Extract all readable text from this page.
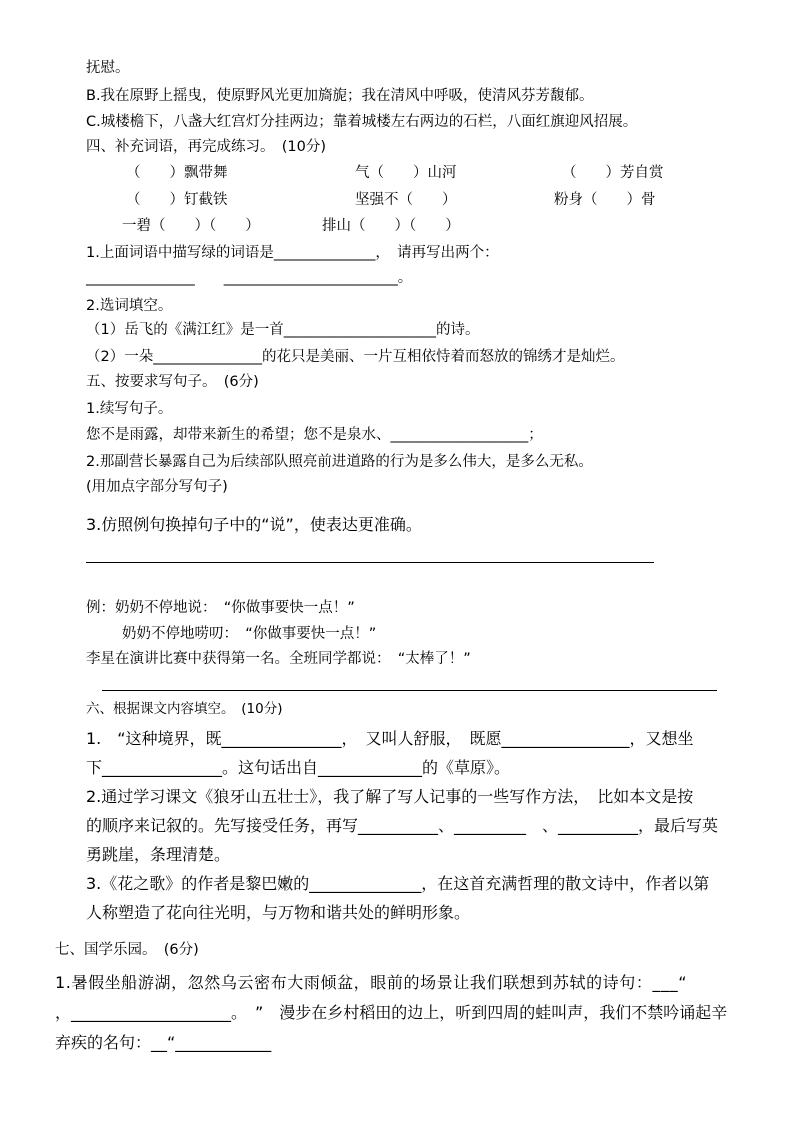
抚慰。
B.我在原野上摇曳，使原野风光更加旖旎；我在清风中呼吸，使清风芬芳馥郁。
C.城楼檐下，八盏大红宫灯分挂两边；靠着城楼左右两边的石栏，八面红旗迎风招展。
四、补充词语，再完成练习。　(10分)
（　　）飘带舞	气（　　）山河	（　　）芳自赏
（　　）钉截铁	坚强不（　　）	粉身（　　）骨
一碧（　　）（　　）	排山（　　）（　　）
1.上面词语中描写绿的词语是______________，　请再写出两个：
_______________　　________________________。
2.选词填空。
（1）岳飞的《满江红》是一首_____________________的诗。
（2）一朵_______________的花只是美丽、一片互相依恃着而怒放的锦绣才是灿烂。
五、按要求写句子。　(6分)
1.续写句子。
您不是雨露，却带来新生的希望；您不是泉水、___________________；
2.那副营长暴露自己为后续部队照亮前进道路的行为是多么伟大，是多么无私。
(用加点字部分写句子)
3.仿照例句换掉句子中的“说”，使表达更准确。
例：奶奶不停地说：　“你做事要快一点！”
奶奶不停地唠叨：　“你做事要快一点！”
李星在演讲比赛中获得第一名。全班同学都说：　“太棒了！”
六、根据课文内容填空。　(10分)
1.　“这种境界，既_______________，　又叫人舒服，　既愿________________，又想坐
下_______________。这句话出自_____________的《草原》。
2.通过学习课文《狼牙山五壮士》，我了解了写人记事的一些写作方法，　比如本文是按
的顺序来记叙的。先写接受任务，再写__________、_________　、__________，最后写英
勇跳崖，条理清楚。
3.《花之歌》的作者是黎巴嫩的______________，在这首充满哲理的散文诗中，作者以第
人称塑造了花向往光明，与万物和谐共处的鲜明形象。
七、国学乐园。　(6分)
1.暑假坐船游湖，忽然乌云密布大雨倾盆，眼前的场景让我们联想到苏轼的诗句：___“
，____________________。　”　漫步在乡村稻田的边上，听到四周的蛙叫声，我们不禁吟诵起辛
弃疾的名句：__“____________
